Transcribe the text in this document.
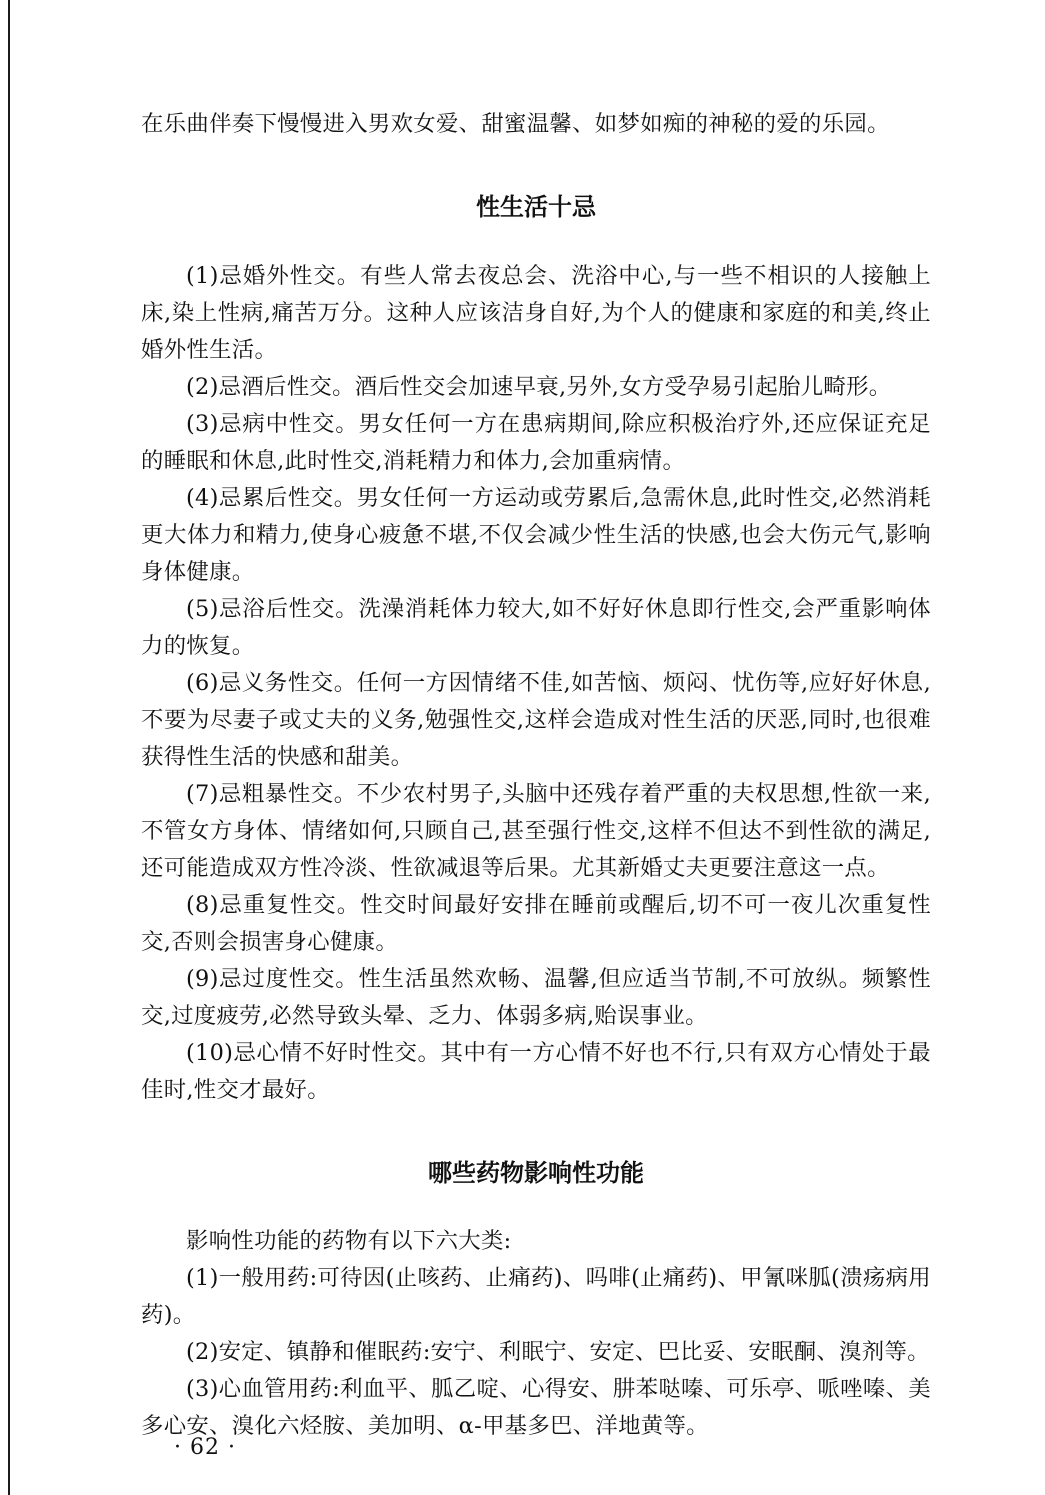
在乐曲伴奏下慢慢进入男欢女爱、甜蜜温馨、如梦如痴的神秘的爱的乐园。

性生活十忌

(1)忌婚外性交。有些人常去夜总会、洗浴中心,与一些不相识的人接触上床,染上性病,痛苦万分。这种人应该洁身自好,为个人的健康和家庭的和美,终止婚外性生活。

(2)忌酒后性交。酒后性交会加速早衰,另外,女方受孕易引起胎儿畸形。

(3)忌病中性交。男女任何一方在患病期间,除应积极治疗外,还应保证充足的睡眠和休息,此时性交,消耗精力和体力,会加重病情。

(4)忌累后性交。男女任何一方运动或劳累后,急需休息,此时性交,必然消耗更大体力和精力,使身心疲惫不堪,不仅会减少性生活的快感,也会大伤元气,影响身体健康。

(5)忌浴后性交。洗澡消耗体力较大,如不好好休息即行性交,会严重影响体力的恢复。

(6)忌义务性交。任何一方因情绪不佳,如苦恼、烦闷、忧伤等,应好好休息,不要为尽妻子或丈夫的义务,勉强性交,这样会造成对性生活的厌恶,同时,也很难获得性生活的快感和甜美。

(7)忌粗暴性交。不少农村男子,头脑中还残存着严重的夫权思想,性欲一来,不管女方身体、情绪如何,只顾自己,甚至强行性交,这样不但达不到性欲的满足,还可能造成双方性冷淡、性欲减退等后果。尤其新婚丈夫更要注意这一点。

(8)忌重复性交。性交时间最好安排在睡前或醒后,切不可一夜儿次重复性交,否则会损害身心健康。

(9)忌过度性交。性生活虽然欢畅、温馨,但应适当节制,不可放纵。频繁性交,过度疲劳,必然导致头晕、乏力、体弱多病,贻误事业。

(10)忌心情不好时性交。其中有一方心情不好也不行,只有双方心情处于最佳时,性交才最好。

哪些药物影响性功能

影响性功能的药物有以下六大类:

(1)一般用药:可待因(止咳药、止痛药)、吗啡(止痛药)、甲氰咪胍(溃疡病用药)。

(2)安定、镇静和催眠药:安宁、利眠宁、安定、巴比妥、安眠酮、溴剂等。

(3)心血管用药:利血平、胍乙啶、心得安、肼苯哒嗪、可乐亭、哌唑嗪、美多心安、溴化六烃胺、美加明、α-甲基多巴、洋地黄等。

· 62 ·
